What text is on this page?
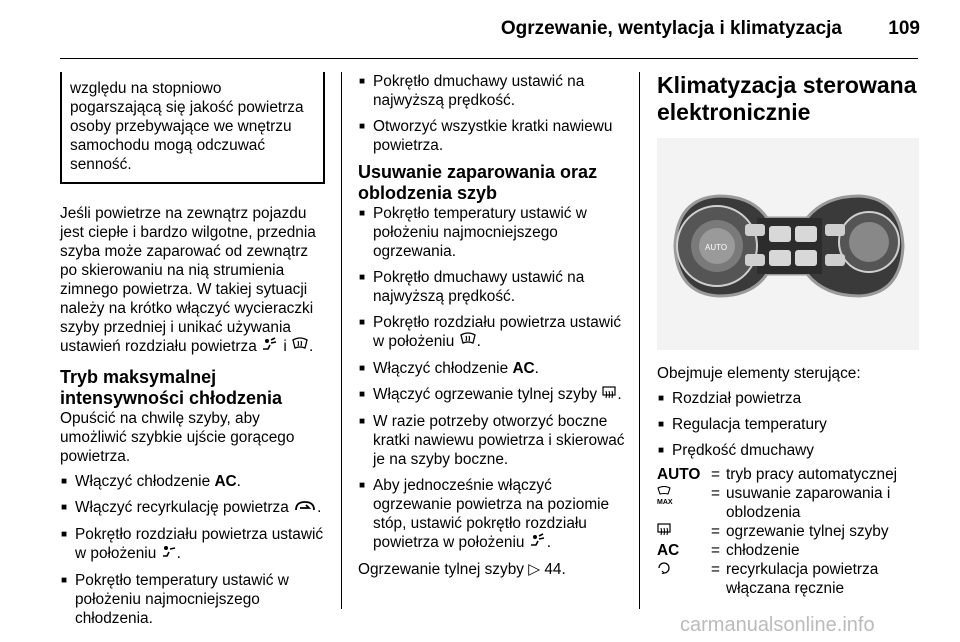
Ogrzewanie, wentylacja i klimatyzacja 109
względu na stopniowo pogarszającą się jakość powietrza osoby przebywające we wnętrzu samochodu mogą odczuwać senność.

Jeśli powietrze na zewnątrz pojazdu jest ciepłe i bardzo wilgotne, przednia szyba może zaparować od zewnątrz po skierowaniu na nią strumienia zimnego powietrza. W takiej sytuacji należy na krótko włączyć wycieraczki szyby przedniej i unikać używania ustawień rozdziału powietrza i .

Tryb maksymalnej intensywności chłodzenia

Opuścić na chwilę szyby, aby umożliwić szybkie ujście gorącego powietrza.

■ Włączyć chłodzenie AC.
■ Włączyć recyrkulację powietrza .
■ Pokrętło rozdziału powietrza ustawić w położeniu .
■ Pokrętło temperatury ustawić w położeniu najmocniejszego chłodzenia.
■ Pokrętło dmuchawy ustawić na najwyższą prędkość.
■ Otworzyć wszystkie kratki nawiewu powietrza.
Usuwanie zaparowania oraz oblodzenia szyb
■ Pokrętło temperatury ustawić w położeniu najmocniejszego ogrzewania.
■ Pokrętło dmuchawy ustawić na najwyższą prędkość.
■ Pokrętło rozdziału powietrza ustawić w położeniu .
■ Włączyć chłodzenie AC.
■ Włączyć ogrzewanie tylnej szyby .
■ W razie potrzeby otworzyć boczne kratki nawiewu powietrza i skierować je na szyby boczne.
■ Aby jednocześnie włączyć ogrzewanie powietrza na poziomie stóp, ustawić pokrętło rozdziału powietrza w położeniu .

Ogrzewanie tylnej szyby ▷ 44.

Klimatyzacja sterowana elektronicznie
AUTO

Obejmuje elementy sterujące:

■ Rozdział powietrza
■ Regulacja temperatury
■ Prędkość dmuchawy
AUTO = tryb pracy automatycznej

MAX
= usuwanie zaparowania i oblodzenia
= ogrzewanie tylnej szyby
AC	= chłodzenie
= recyrkulacja powietrza włączana ręcznie
carmanualsonline.info
